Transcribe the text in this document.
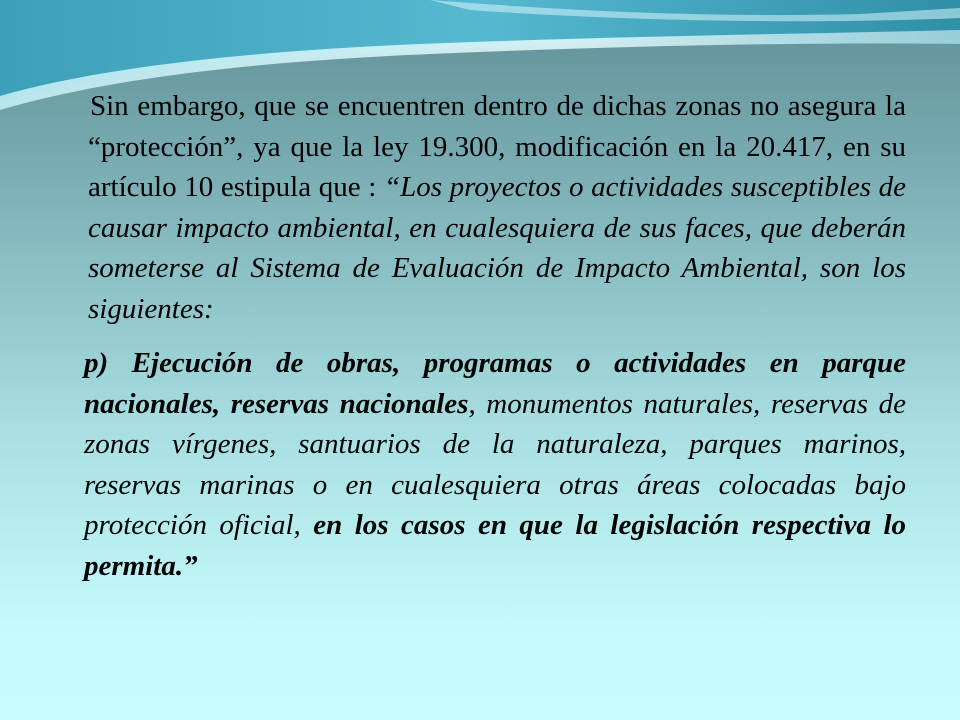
Sin embargo, que se encuentren dentro de dichas zonas no asegura la “protección”, ya que la ley 19.300, modificación en la 20.417, en su artículo 10 estipula que : “Los proyectos o actividades susceptibles de causar impacto ambiental, en cualesquiera de sus faces, que deberán someterse al Sistema de Evaluación de Impacto Ambiental, son los siguientes:

p) Ejecución de obras, programas o actividades en parque nacionales, reservas nacionales, monumentos naturales, reservas de zonas vírgenes, santuarios de la naturaleza, parques marinos, reservas marinas o en cualesquiera otras áreas colocadas bajo protección oficial, en los casos en que la legislación respectiva lo permita.”
